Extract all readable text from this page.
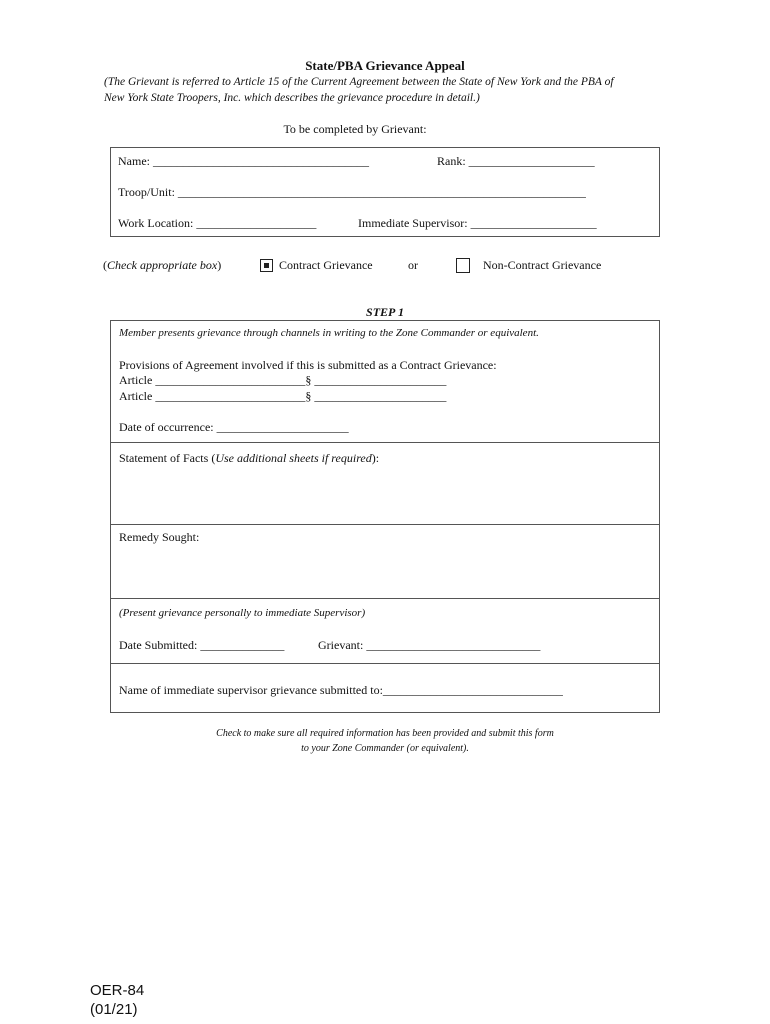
State/PBA Grievance Appeal
(The Grievant is referred to Article 15 of the Current Agreement between the State of New York and the PBA of
New York State Troopers, Inc. which describes the grievance procedure in detail.)
To be completed by Grievant:
Name: ____________________________________	Rank: _____________________
Troop/Unit: ____________________________________________________________________
Work Location: ____________________	Immediate Supervisor: _____________________
(Check appropriate box)	Contract Grievance	or	Non-Contract Grievance
STEP 1
Member presents grievance through channels in writing to the Zone Commander or equivalent.
Provisions of Agreement involved if this is submitted as a Contract Grievance:
Article _________________________§ ______________________
Article _________________________§ ______________________
Date of occurrence: ______________________
Statement of Facts (Use additional sheets if required):
Remedy Sought:
(Present grievance personally to immediate Supervisor)
Date Submitted: ______________	Grievant: _____________________________
Name of immediate supervisor grievance submitted to:______________________________
Check to make sure all required information has been provided and submit this form
to your Zone Commander (or equivalent).
OER-84
(01/21)
